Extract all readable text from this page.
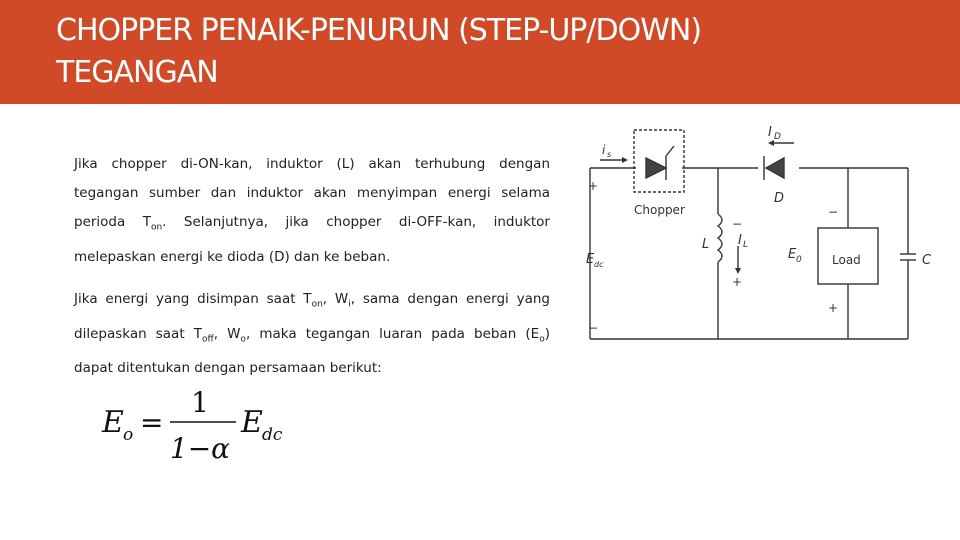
CHOPPER PENAIK-PENURUN (STEP-UP/DOWN)
TEGANGAN

Jika chopper di-ON-kan, induktor (L) akan terhubung dengan tegangan sumber dan induktor akan menyimpan energi selama perioda $T_{on}$. Selanjutnya, jika chopper di-OFF-kan, induktor melepaskan energi ke dioda (D) dan ke beban.

Jika energi yang disimpan saat $T_{on}$, $W_i$, sama dengan energi yang dilepaskan saat $T_{off}$, $W_o$, maka tegangan luaran pada beban $(E_o)$ dapat ditentukan dengan persamaan berikut:

E o =
1
1−α
E dc
i s
Chopper
I D
D
E dc
L I L
E 0	Load	C
+
−
−
+
−
+
